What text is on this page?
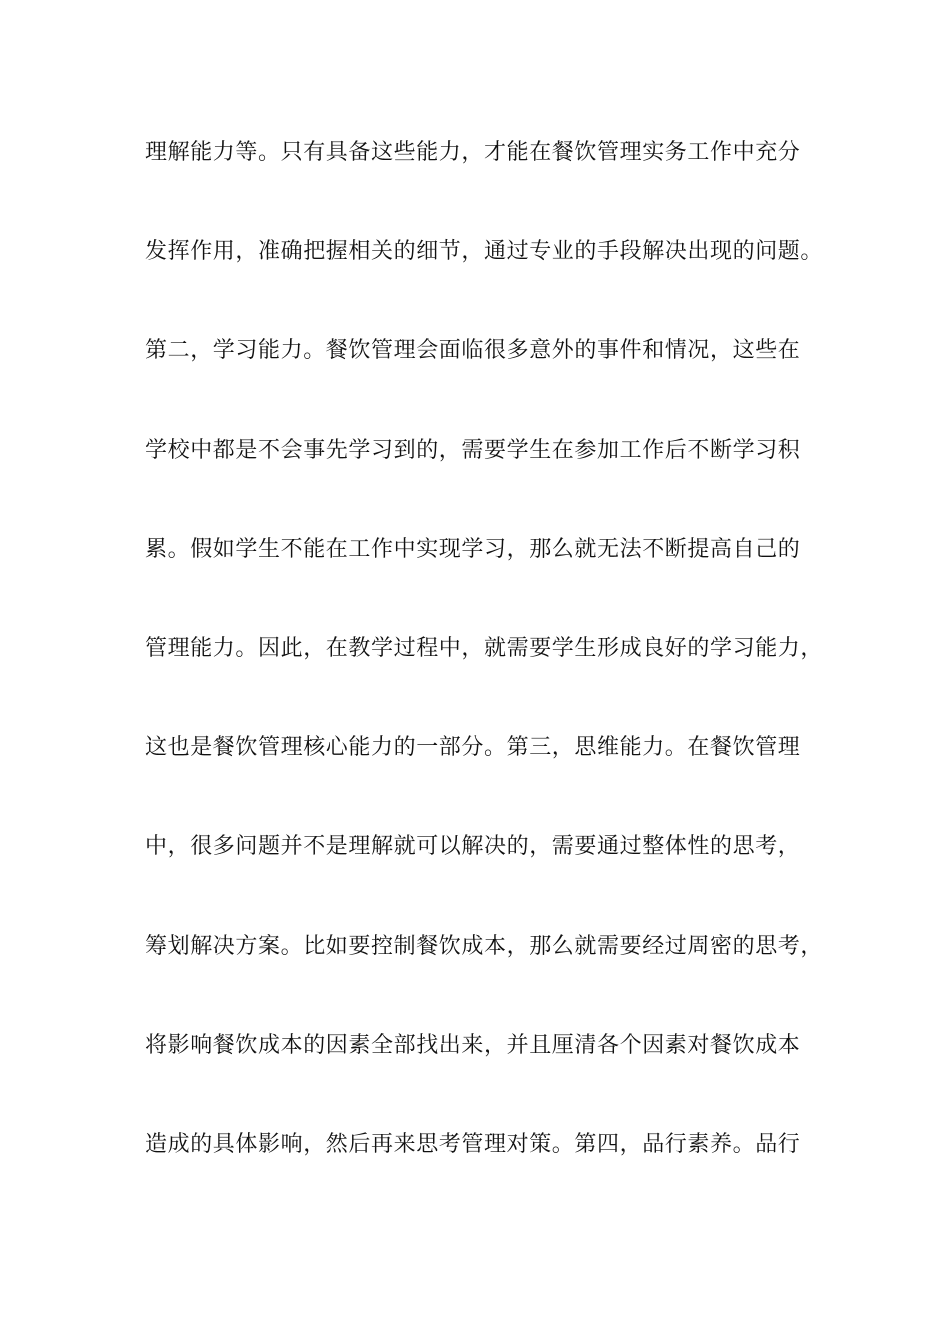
理解能力等。只有具备这些能力，才能在餐饮管理实务工作中充分
发挥作用，准确把握相关的细节，通过专业的手段解决出现的问题。
第二，学习能力。餐饮管理会面临很多意外的事件和情况，这些在
学校中都是不会事先学习到的，需要学生在参加工作后不断学习积
累。假如学生不能在工作中实现学习，那么就无法不断提高自己的
管理能力。因此，在教学过程中，就需要学生形成良好的学习能力，
这也是餐饮管理核心能力的一部分。第三，思维能力。在餐饮管理
中，很多问题并不是理解就可以解决的，需要通过整体性的思考，
筹划解决方案。比如要控制餐饮成本，那么就需要经过周密的思考，
将影响餐饮成本的因素全部找出来，并且厘清各个因素对餐饮成本
造成的具体影响，然后再来思考管理对策。第四，品行素养。品行
